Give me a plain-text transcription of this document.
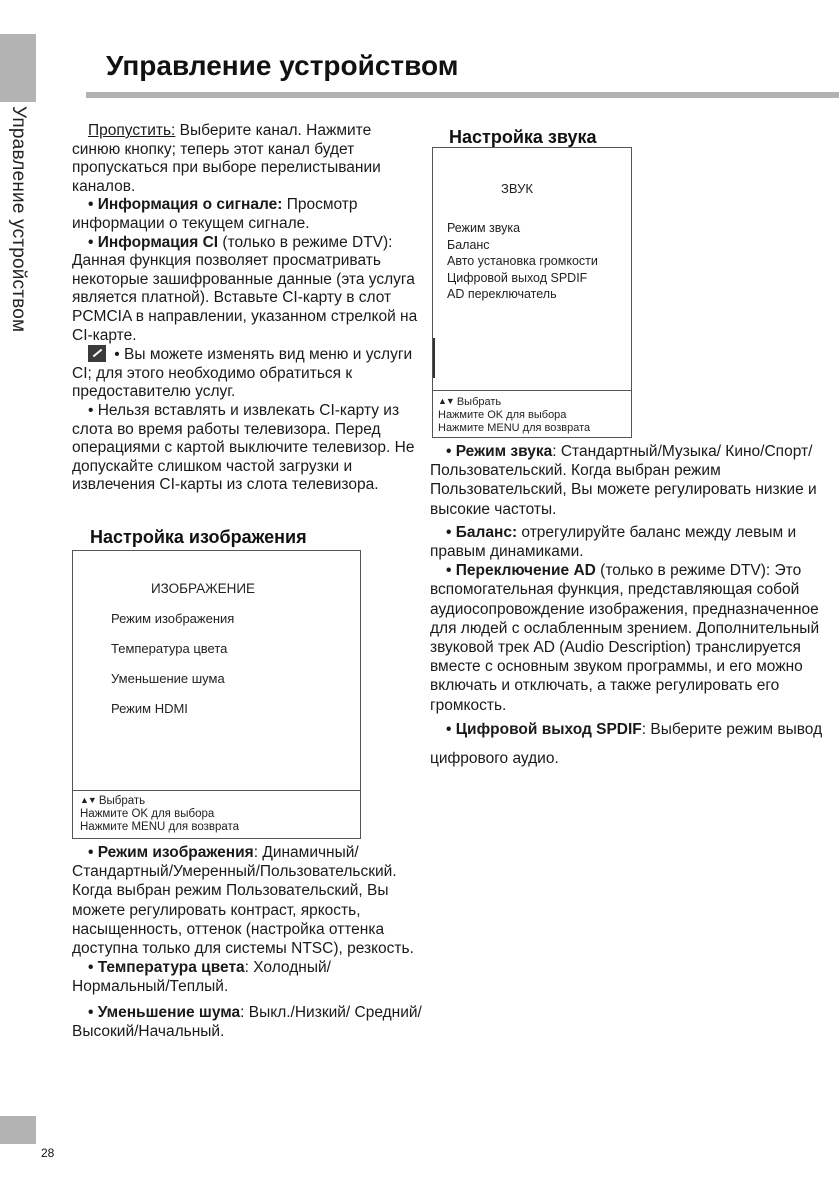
Управление устройством
Управление устройством

Пропустить: Выберите канал. Нажмите синюю кнопку; теперь этот канал будет пропускаться при выборе перелистывании каналов.

• Информация о сигнале: Просмотр информации о текущем сигнале.

• Информация CI (только в режиме DTV): Данная функция позволяет просматривать некоторые зашифрованные данные (эта услуга является платной). Вставьте CI-карту в слот PCMCIA в направлении, указанном стрелкой на CI-карте.

• Вы можете изменять вид меню и услуги CI; для этого необходимо обратиться к предоставителю услуг.

• Нельзя вставлять и извлекать CI-карту из слота во время работы телевизора. Перед операциями с картой выключите телевизор. Не допускайте слишком частой загрузки и извлечения CI-карты из слота телевизора.

Настройка изображения
ИЗОБРАЖЕНИЕ
Режим изображения
Температура цвета
Уменьшение шума
Режим HDMI
▲▼ Выбрать
Нажмите OK для выбора
Нажмите MENU для возврата

• Режим изображения: Динамичный/ Стандартный/Умеренный/Пользовательский. Когда выбран режим Пользовательский, Вы можете регулировать контраст, яркость, насыщенность, оттенок (настройка оттенка доступна только для системы NTSC), резкость.

• Температура цвета: Холодный/ Нормальный/Теплый.

• Уменьшение шума: Выкл./Низкий/ Средний/Высокий/Начальный.

Настройка звука
ЗВУК
Режим звука
Баланс
Авто установка громкости
Цифровой выход SPDIF
AD переключатель
▲▼ Выбрать
Нажмите OK для выбора
Нажмите MENU для возврата

• Режим звука: Стандартный/Музыка/ Кино/Спорт/Пользовательский. Когда выбран режим Пользовательский, Вы можете регулировать низкие и высокие частоты.

• Баланс: отрегулируйте баланс между левым и правым динамиками.

• Переключение AD (только в режиме DTV): Это вспомогательная функция, представляющая собой аудиосопровождение изображения, предназначенное для людей с ослабленным зрением. Дополнительный звуковой трек AD (Audio Description) транслируется вместе с основным звуком программы, и его можно включать и отключать, а также регулировать его громкость.

• Цифровой выход SPDIF: Выберите режим вывод цифрового аудио.

28
